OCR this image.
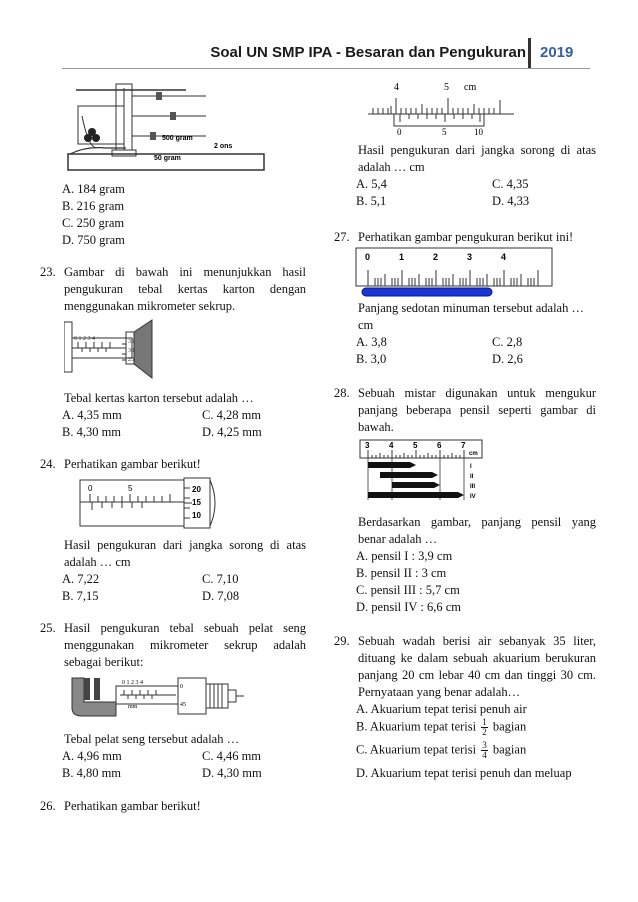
Soal UN SMP IPA - Besaran dan Pengukuran 2019
500 gram
2 ons
50 gram
A. 184 gram
B. 216 gram
C. 250 gram
D. 750 gram
23. Gambar di bawah ini menunjukkan hasil pengukuran tebal kertas karton dengan menggunakan mikrometer sekrup.
0 1 2 3 4	35
30
25
Tebal kertas karton tersebut adalah …
A. 4,35 mm	C. 4,28 mm
B. 4,30 mm	D. 4,25 mm
24. Perhatikan gambar berikut!
0	5	20
15
10
Hasil pengukuran dari jangka sorong di atas adalah … cm
A. 7,22	C. 7,10
B. 7,15	D. 7,08
25. Hasil pengukuran tebal sebuah pelat seng menggunakan mikrometer sekrup adalah sebagai berikut:
0 1 2 3 4
mm
0
45
Tebal pelat seng tersebut adalah …
A. 4,96 mm	C. 4,46 mm
B. 4,80 mm	D. 4,30 mm
26. Perhatikan gambar berikut!
4	5 cm
0	5	10
Hasil pengukuran dari jangka sorong di atas adalah … cm
A. 5,4	C. 4,35
B. 5,1	D. 4,33
27. Perhatikan gambar pengukuran berikut ini!
0	1	2	3	4
Panjang sedotan minuman tersebut adalah … cm
A. 3,8	C. 2,8
B. 3,0	D. 2,6
28. Sebuah mistar digunakan untuk mengukur panjang beberapa pensil seperti gambar di bawah.
3 4 5 6 7
cm
I
II
III
IV
Berdasarkan gambar, panjang pensil yang benar adalah …
A. pensil I : 3,9 cm
B. pensil II : 3 cm
C. pensil III : 5,7 cm
D. pensil IV : 6,6 cm
29. Sebuah wadah berisi air sebanyak 35 liter, dituang ke dalam sebuah akuarium berukuran panjang 20 cm lebar 40 cm dan tinggi 30 cm. Pernyataan yang benar adalah…
A. Akuarium tepat terisi penuh air
B. Akuarium tepat terisi $\frac{1}{2}$ bagian
C. Akuarium tepat terisi $\frac{3}{4}$ bagian
D. Akuarium tepat terisi penuh dan meluap
